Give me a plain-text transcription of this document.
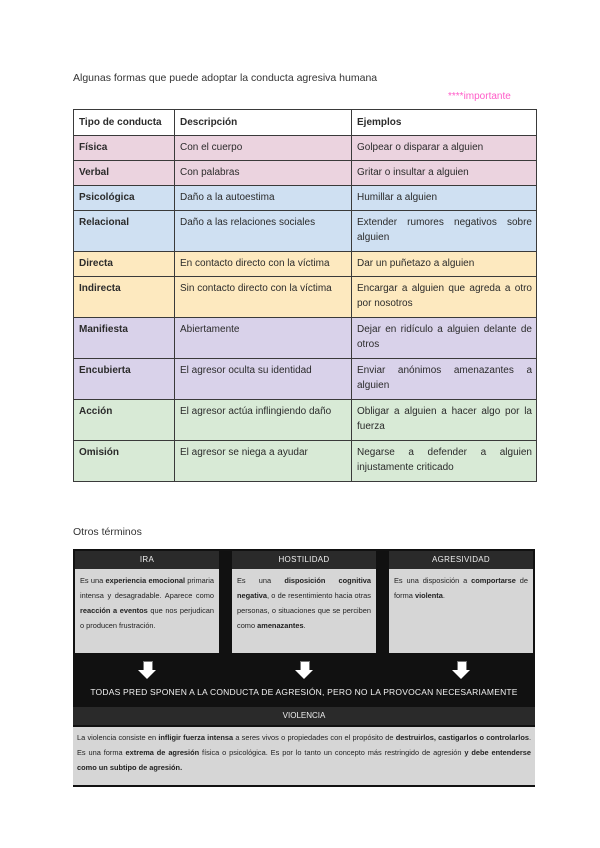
Algunas formas que puede adoptar la conducta agresiva humana
****importante
Tipo de conducta	Descripción	Ejemplos
Física	Con el cuerpo	Golpear o disparar a alguien
Verbal	Con palabras	Gritar o insultar a alguien
Psicológica	Daño a la autoestima	Humillar a alguien
Relacional	Daño a las relaciones sociales	Extender rumores negativos sobre alguien
Directa	En contacto directo con la víctima	Dar un puñetazo a alguien
Indirecta	Sin contacto directo con la víctima	Encargar a alguien que agreda a otro por nosotros
Manifiesta	Abiertamente	Dejar en ridículo a alguien delante de otros
Encubierta	El agresor oculta su identidad	Enviar anónimos amenazantes a alguien
Acción	El agresor actúa inflingiendo daño	Obligar a alguien a hacer algo por la fuerza
Omisión	El agresor se niega a ayudar	Negarse a defender a alguien injustamente criticado
Otros términos
IRA
Es una experiencia emocional primaria intensa y desagradable. Aparece como reacción a eventos que nos perjudican o producen frustración.
HOSTILIDAD
Es una disposición cognitiva negativa, o de resentimiento hacia otras personas, o situaciones que se perciben como amenazantes.
AGRESIVIDAD
Es una disposición a comportarse de forma violenta.
TODAS PRED SPONEN A LA CONDUCTA DE AGRESIÓN, PERO NO LA PROVOCAN NECESARIAMENTE
VIOLENCIA
La violencia consiste en infligir fuerza intensa a seres vivos o propiedades con el propósito de destruirlos, castigarlos o controlarlos. Es una forma extrema de agresión física o psicológica. Es por lo tanto un concepto más restringido de agresión y debe entenderse como un subtipo de agresión.
